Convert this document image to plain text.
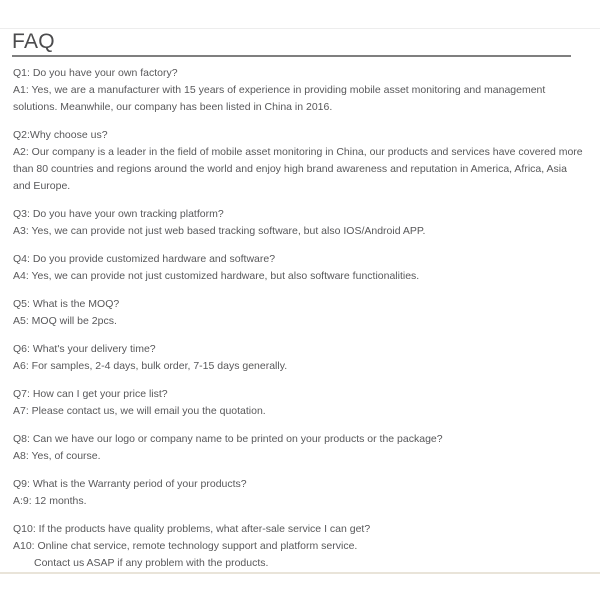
FAQ
Q1: Do you have your own factory?
A1: Yes, we are a manufacturer with 15 years of experience in providing mobile asset monitoring and management
solutions. Meanwhile, our company has been listed in China in 2016.
Q2:Why choose us?
A2: Our company is a leader in the field of mobile asset monitoring in China, our products and services have covered more
than 80 countries and regions around the world and enjoy high brand awareness and reputation in America, Africa, Asia
and Europe.
Q3: Do you have your own tracking platform?
A3: Yes, we can provide not just web based tracking software, but also IOS/Android APP.
Q4: Do you provide customized hardware and software?
A4: Yes, we can provide not just customized hardware, but also software functionalities.
Q5: What is the MOQ?
A5: MOQ will be 2pcs.
Q6: What's your delivery time?
A6: For samples, 2-4 days, bulk order, 7-15 days generally.
Q7: How can I get your price list?
A7: Please contact us, we will email you the quotation.
Q8: Can we have our logo or company name to be printed on your products or the package?
A8: Yes, of course.
Q9: What is the Warranty period of your products?
A:9: 12 months.
Q10: If the products have quality problems, what after-sale service I can get?
A10: Online chat service, remote technology support and platform service.
Contact us ASAP if any problem with the products.
